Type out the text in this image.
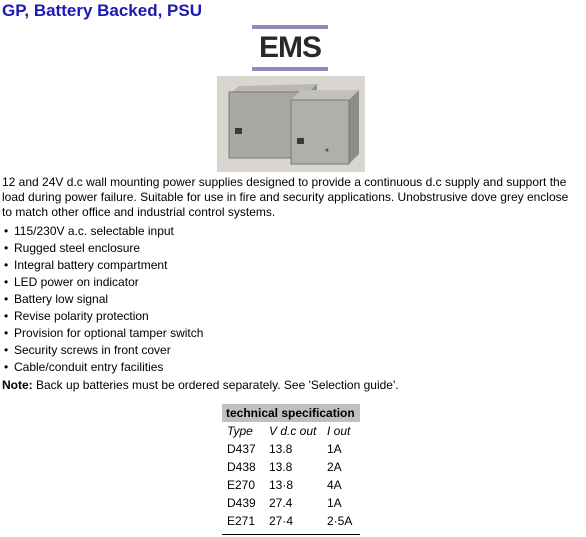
GP, Battery Backed, PSU
EMS
12 and 24V d.c wall mounting power supplies designed to provide a continuous d.c supply and support the
load during power failure. Suitable for use in fire and security applications. Unobstrusive dove grey enclose
to match other office and industrial control systems.
• 115/230V a.c. selectable input
• Rugged steel enclosure
• Integral battery compartment
• LED power on indicator
• Battery low signal
• Revise polarity protection
• Provision for optional tamper switch
• Security screws in front cover
• Cable/conduit entry facilities
Note: Back up batteries must be ordered separately. See 'Selection guide'.
technical specification
Type	V d.c out	I out
D437	13.8	1A
D438	13.8	2A
E270	13·8	4A
D439	27.4	1A
E271	27·4	2·5A
